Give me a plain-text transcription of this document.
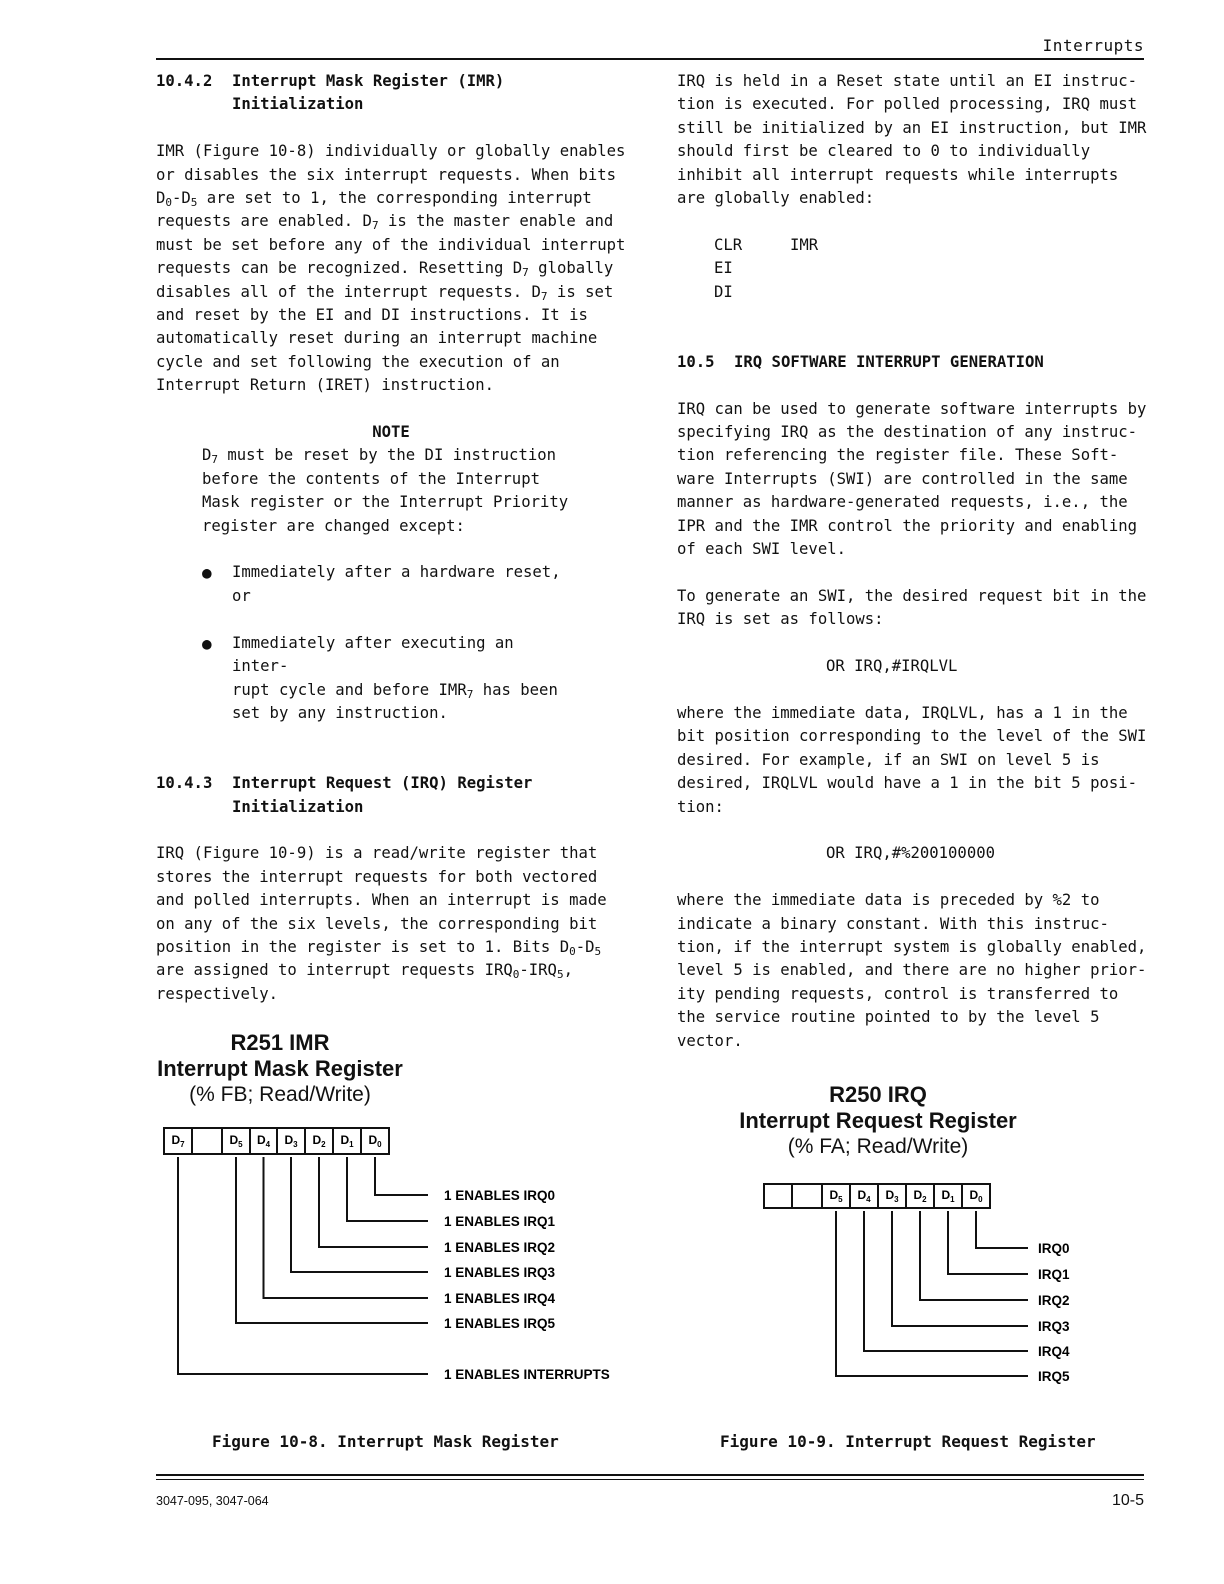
Interrupts
10.4.2 Interrupt Mask Register (IMR)
Initialization

IMR (Figure 10-8) individually or globally enables

or disables the six interrupt requests. When bits

$D_0-D_5$ are set to 1, the corresponding interrupt

requests are enabled. $D_7$ is the master enable and

must be set before any of the individual interrupt

requests can be recognized. Resetting $D_7$ globally

disables all of the interrupt requests. $D_7$ is set

and reset by the EI and DI instructions. It is

automatically reset during an interrupt machine

cycle and set following the execution of an

Interrupt Return (IRET) instruction.

NOTE

$D_7$ must be reset by the DI instruction

before the contents of the Interrupt

Mask register or the Interrupt Priority

register are changed except:

● Immediately after a hardware reset,
or
● Immediately after executing an inter-

rupt cycle and before $IMR_7$ has been

set by any instruction.
10.4.3 Interrupt Request (IRQ) Register
Initialization

IRQ (Figure 10-9) is a read/write register that

stores the interrupt requests for both vectored

and polled interrupts. When an interrupt is made

on any of the six levels, the corresponding bit

position in the register is set to 1. Bits $D_0-D_5$

are assigned to interrupt requests $IRQ_0-IRQ_5$,

respectively.

IRQ is held in a Reset state until an EI instruc-

tion is executed. For polled processing, IRQ must

still be initialized by an EI instruction, but IMR

should first be cleared to 0 to individually

inhibit all interrupt requests while interrupts

are globally enabled:

CLR	IMR
EI
DI
10.5 IRQ SOFTWARE INTERRUPT GENERATION

IRQ can be used to generate software interrupts by

specifying IRQ as the destination of any instruc-

tion referencing the register file. These Soft-

ware Interrupts (SWI) are controlled in the same

manner as hardware-generated requests, i.e., the

IPR and the IMR control the priority and enabling

of each SWI level.

To generate an SWI, the desired request bit in the

IRQ is set as follows:

OR IRQ,#IRQLVL

where the immediate data, IRQLVL, has a 1 in the

bit position corresponding to the level of the SWI

desired. For example, if an SWI on level 5 is

desired, IRQLVL would have a 1 in the bit 5 posi-

tion:

OR IRQ,#%200100000

where the immediate data is preceded by %2 to

indicate a binary constant. With this instruc-

tion, if the interrupt system is globally enabled,

level 5 is enabled, and there are no higher prior-

ity pending requests, control is transferred to

the service routine pointed to by the level 5

vector.

R251 IMR
Interrupt Mask Register
(% FB; Read/Write)
$D_7$	$D_5$ $D_4$ $D_3$ $D_2$ $D_1$ $D_0$
1 ENABLES IRQ0
1 ENABLES IRQ1
1 ENABLES IRQ2
1 ENABLES IRQ3
1 ENABLES IRQ4
1 ENABLES IRQ5
1 ENABLES INTERRUPTS
Figure 10-8. Interrupt Mask Register
R250 IRQ
Interrupt Request Register
(% FA; Read/Write)
$D_5$ $D_4$ $D_3$ $D_2$ $D_1$ $D_0$
IRQ0
IRQ1
IRQ2
IRQ3
IRQ4
IRQ5
Figure 10-9. Interrupt Request Register
3047-095, 3047-064	10-5
